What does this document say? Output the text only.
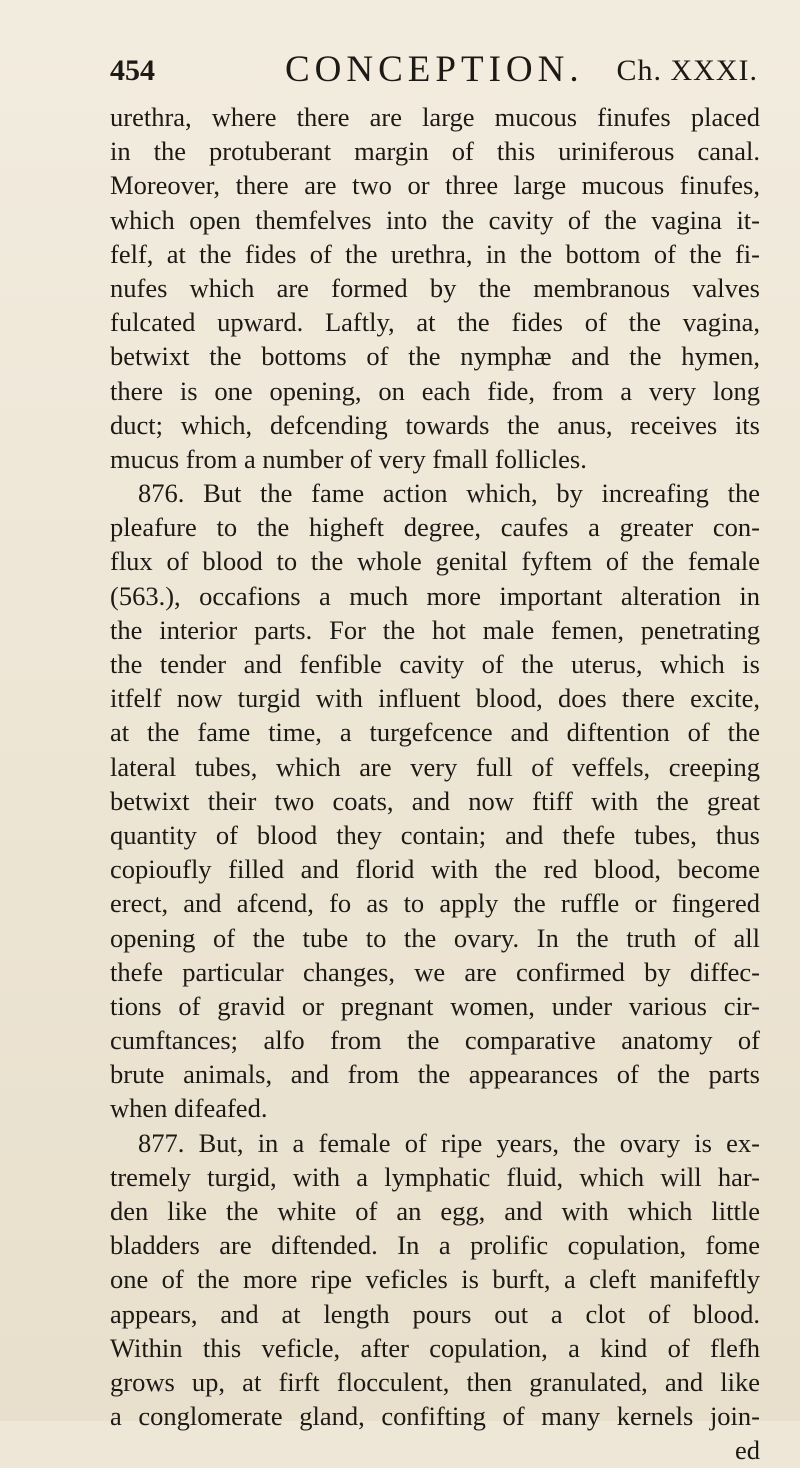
454	CONCEPTION. Ch. XXXI.
urethra, where there are large mucous finufes placed
in the protuberant margin of this uriniferous canal.
Moreover, there are two or three large mucous finufes,
which open themfelves into the cavity of the vagina it-
felf, at the fides of the urethra, in the bottom of the fi-
nufes which are formed by the membranous valves
fulcated upward. Laftly, at the fides of the vagina,
betwixt the bottoms of the nymphæ and the hymen,
there is one opening, on each fide, from a very long
duct; which, defcending towards the anus, receives its
mucus from a number of very fmall follicles.
876. But the fame action which, by increafing the
pleafure to the higheft degree, caufes a greater con-
flux of blood to the whole genital fyftem of the female
(563.), occafions a much more important alteration in
the interior parts. For the hot male femen, penetrating
the tender and fenfible cavity of the uterus, which is
itfelf now turgid with influent blood, does there excite,
at the fame time, a turgefcence and diftention of the
lateral tubes, which are very full of veffels, creeping
betwixt their two coats, and now ftiff with the great
quantity of blood they contain; and thefe tubes, thus
copioufly filled and florid with the red blood, become
erect, and afcend, fo as to apply the ruffle or fingered
opening of the tube to the ovary. In the truth of all
thefe particular changes, we are confirmed by diffec-
tions of gravid or pregnant women, under various cir-
cumftances; alfo from the comparative anatomy of
brute animals, and from the appearances of the parts
when difeafed.
877. But, in a female of ripe years, the ovary is ex-
tremely turgid, with a lymphatic fluid, which will har-
den like the white of an egg, and with which little
bladders are diftended. In a prolific copulation, fome
one of the more ripe veficles is burft, a cleft manifeftly
appears, and at length pours out a clot of blood.
Within this veficle, after copulation, a kind of flefh
grows up, at firft flocculent, then granulated, and like
a conglomerate gland, confifting of many kernels join-
ed
